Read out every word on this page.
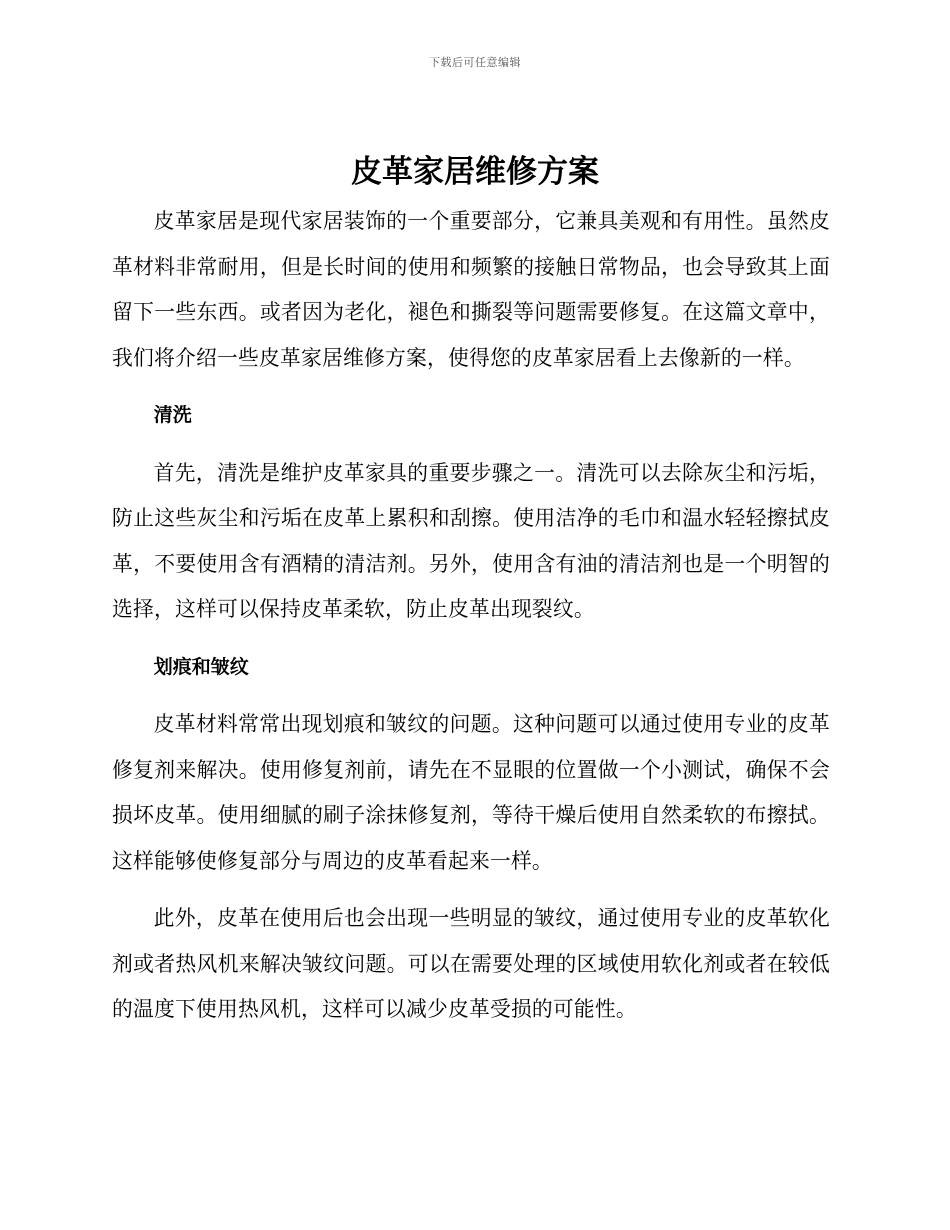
下载后可任意编辑
皮革家居维修方案

皮革家居是现代家居装饰的一个重要部分，它兼具美观和有用性。虽然皮革材料非常耐用，但是长时间的使用和频繁的接触日常物品，也会导致其上面留下一些东西。或者因为老化，褪色和撕裂等问题需要修复。在这篇文章中，我们将介绍一些皮革家居维修方案，使得您的皮革家居看上去像新的一样。

清洗

首先，清洗是维护皮革家具的重要步骤之一。清洗可以去除灰尘和污垢，防止这些灰尘和污垢在皮革上累积和刮擦。使用洁净的毛巾和温水轻轻擦拭皮革，不要使用含有酒精的清洁剂。另外，使用含有油的清洁剂也是一个明智的选择，这样可以保持皮革柔软，防止皮革出现裂纹。

划痕和皱纹

皮革材料常常出现划痕和皱纹的问题。这种问题可以通过使用专业的皮革修复剂来解决。使用修复剂前，请先在不显眼的位置做一个小测试，确保不会损坏皮革。使用细腻的刷子涂抹修复剂，等待干燥后使用自然柔软的布擦拭。这样能够使修复部分与周边的皮革看起来一样。

此外，皮革在使用后也会出现一些明显的皱纹，通过使用专业的皮革软化剂或者热风机来解决皱纹问题。可以在需要处理的区域使用软化剂或者在较低的温度下使用热风机，这样可以减少皮革受损的可能性。
